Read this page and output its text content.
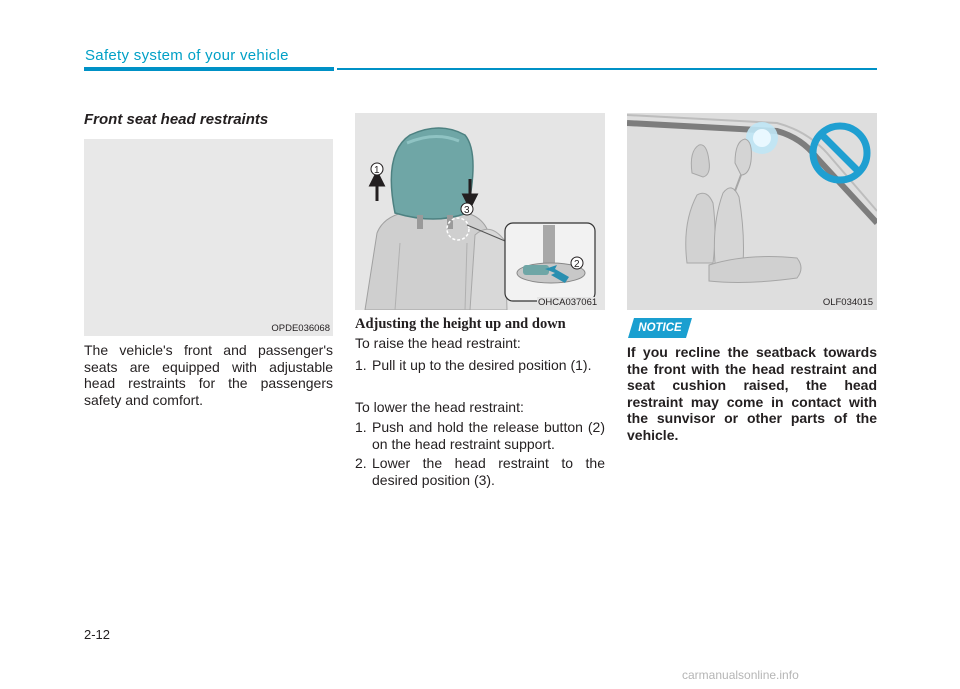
Safety system of your vehicle
Front seat head restraints
OPDE036068
The vehicle's front and passenger's seats are equipped with adjustable head restraints for the passengers safety and comfort.
1
3
2
OHCA037061
Adjusting the height up and down
To raise the head restraint:
1. Pull it up to the desired position (1).
To lower the head restraint:
1. Push and hold the release button (2) on the head restraint support.
2. Lower the head restraint to the desired position (3).
OLF034015
NOTICE
If you recline the seatback towards the front with the head restraint and seat cushion raised, the head restraint may come in contact with the sunvisor or other parts of the vehicle.
2-12
carmanualsonline.info
